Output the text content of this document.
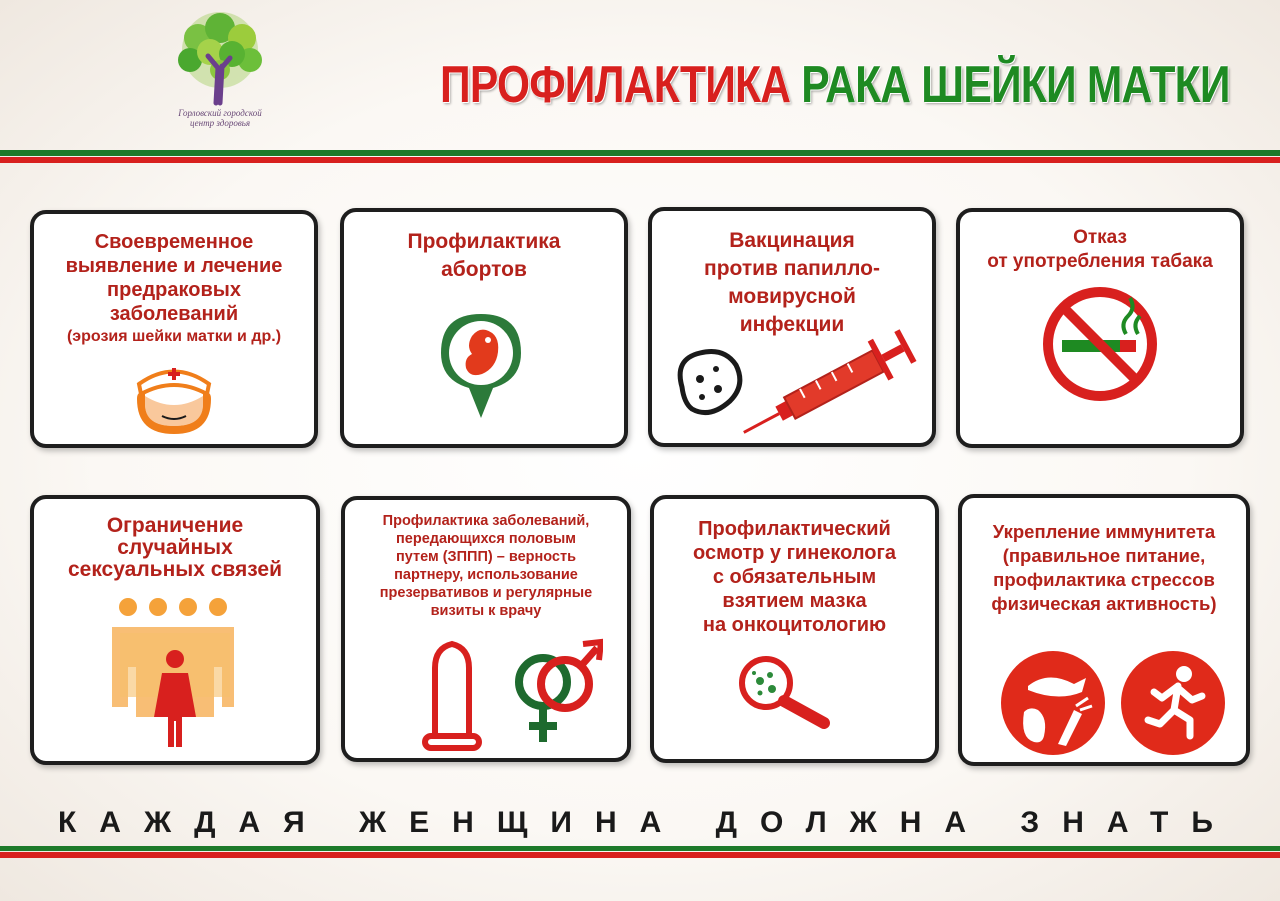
Горловский городской
центр здоровья
ПРОФИЛАКТИКА РАКА ШЕЙКИ МАТКИ
Своевременное
выявление и лечение
предраковых
заболеваний
(эрозия шейки матки и др.)
Профилактика
абортов
Вакцинация
против папилло-
мовирусной
инфекции
Отказ
от употребления табака
Ограничение
случайных
сексуальных связей
Профилактика заболеваний,
передающихся половым
путем (ЗППП) – верность
партнеру, использование
презервативов и регулярные
визиты к врачу
Профилактический
осмотр у гинеколога
с обязательным
взятием мазка
на онкоцитологию
Укрепление иммунитета
(правильное питание,
профилактика стрессов
физическая активность)
КАЖДАЯ ЖЕНЩИНА ДОЛЖНА ЗНАТЬ
